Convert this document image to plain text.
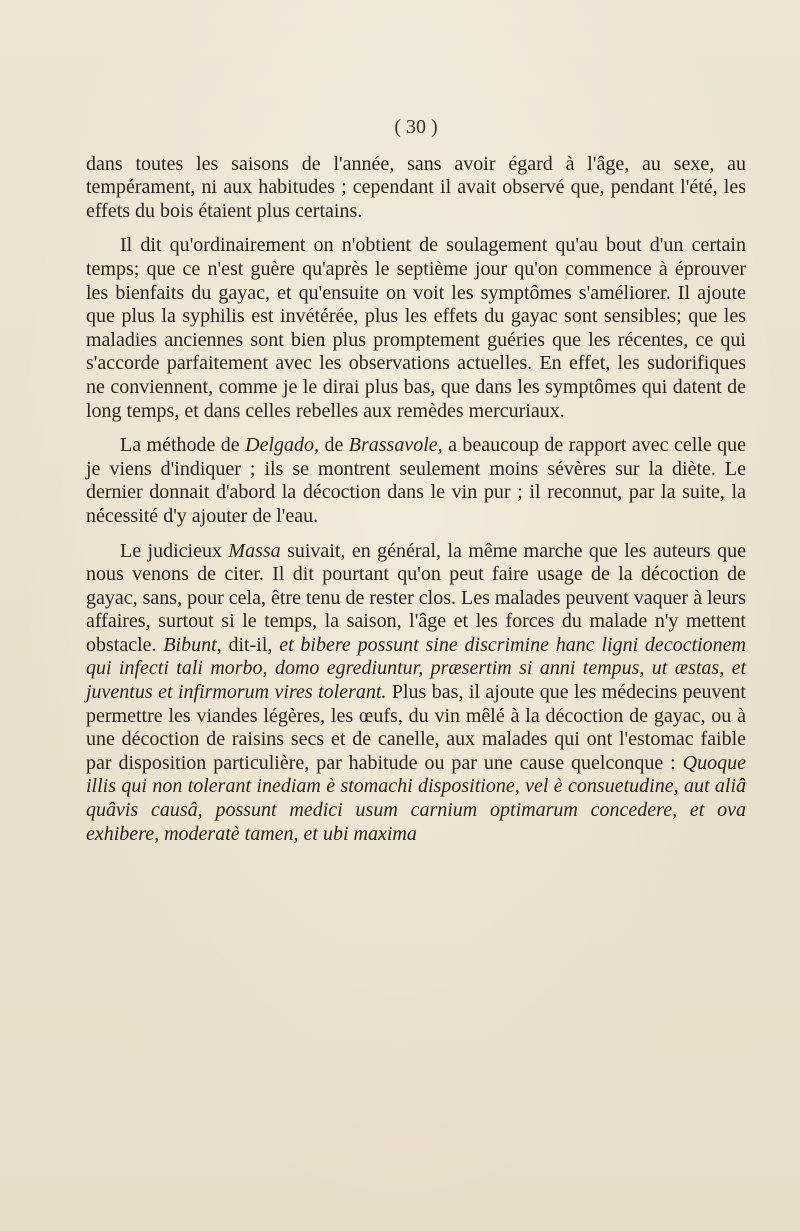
( 30 )

dans toutes les saisons de l'année, sans avoir égard à l'âge, au sexe, au tempérament, ni aux habitudes ; cependant il avait observé que, pendant l'été, les effets du bois étaient plus certains.

Il dit qu'ordinairement on n'obtient de soulagement qu'au bout d'un certain temps; que ce n'est guère qu'après le septième jour qu'on commence à éprouver les bienfaits du gayac, et qu'ensuite on voit les symptômes s'améliorer. Il ajoute que plus la syphilis est invétérée, plus les effets du gayac sont sensibles; que les maladies anciennes sont bien plus promptement guéries que les récentes, ce qui s'accorde parfaitement avec les observations actuelles. En effet, les sudorifiques ne conviennent, comme je le dirai plus bas, que dans les symptômes qui datent de long temps, et dans celles rebelles aux remèdes mercuriaux.

La méthode de Delgado, de Brassavole, a beaucoup de rapport avec celle que je viens d'indiquer ; ils se montrent seulement moins sévères sur la diète. Le dernier donnait d'abord la décoction dans le vin pur ; il reconnut, par la suite, la nécessité d'y ajouter de l'eau.

Le judicieux Massa suivait, en général, la même marche que les auteurs que nous venons de citer. Il dit pourtant qu'on peut faire usage de la décoction de gayac, sans, pour cela, être tenu de rester clos. Les malades peuvent vaquer à leurs affaires, surtout si le temps, la saison, l'âge et les forces du malade n'y mettent obstacle. Bibunt, dit-il, et bibere possunt sine discrimine hanc ligni decoctionem qui infecti tali morbo, domo egrediuntur, præsertim si anni tempus, ut æstas, et juventus et infirmorum vires tolerant. Plus bas, il ajoute que les médecins peuvent permettre les viandes légères, les œufs, du vin mêlé à la décoction de gayac, ou à une décoction de raisins secs et de canelle, aux malades qui ont l'estomac faible par disposition particulière, par habitude ou par une cause quelconque : Quoque illis qui non tolerant inediam è stomachi dispositione, vel è consuetudine, aut aliâ quâvis causâ, possunt medici usum carnium optimarum concedere, et ova exhibere, moderatè tamen, et ubi maxima
